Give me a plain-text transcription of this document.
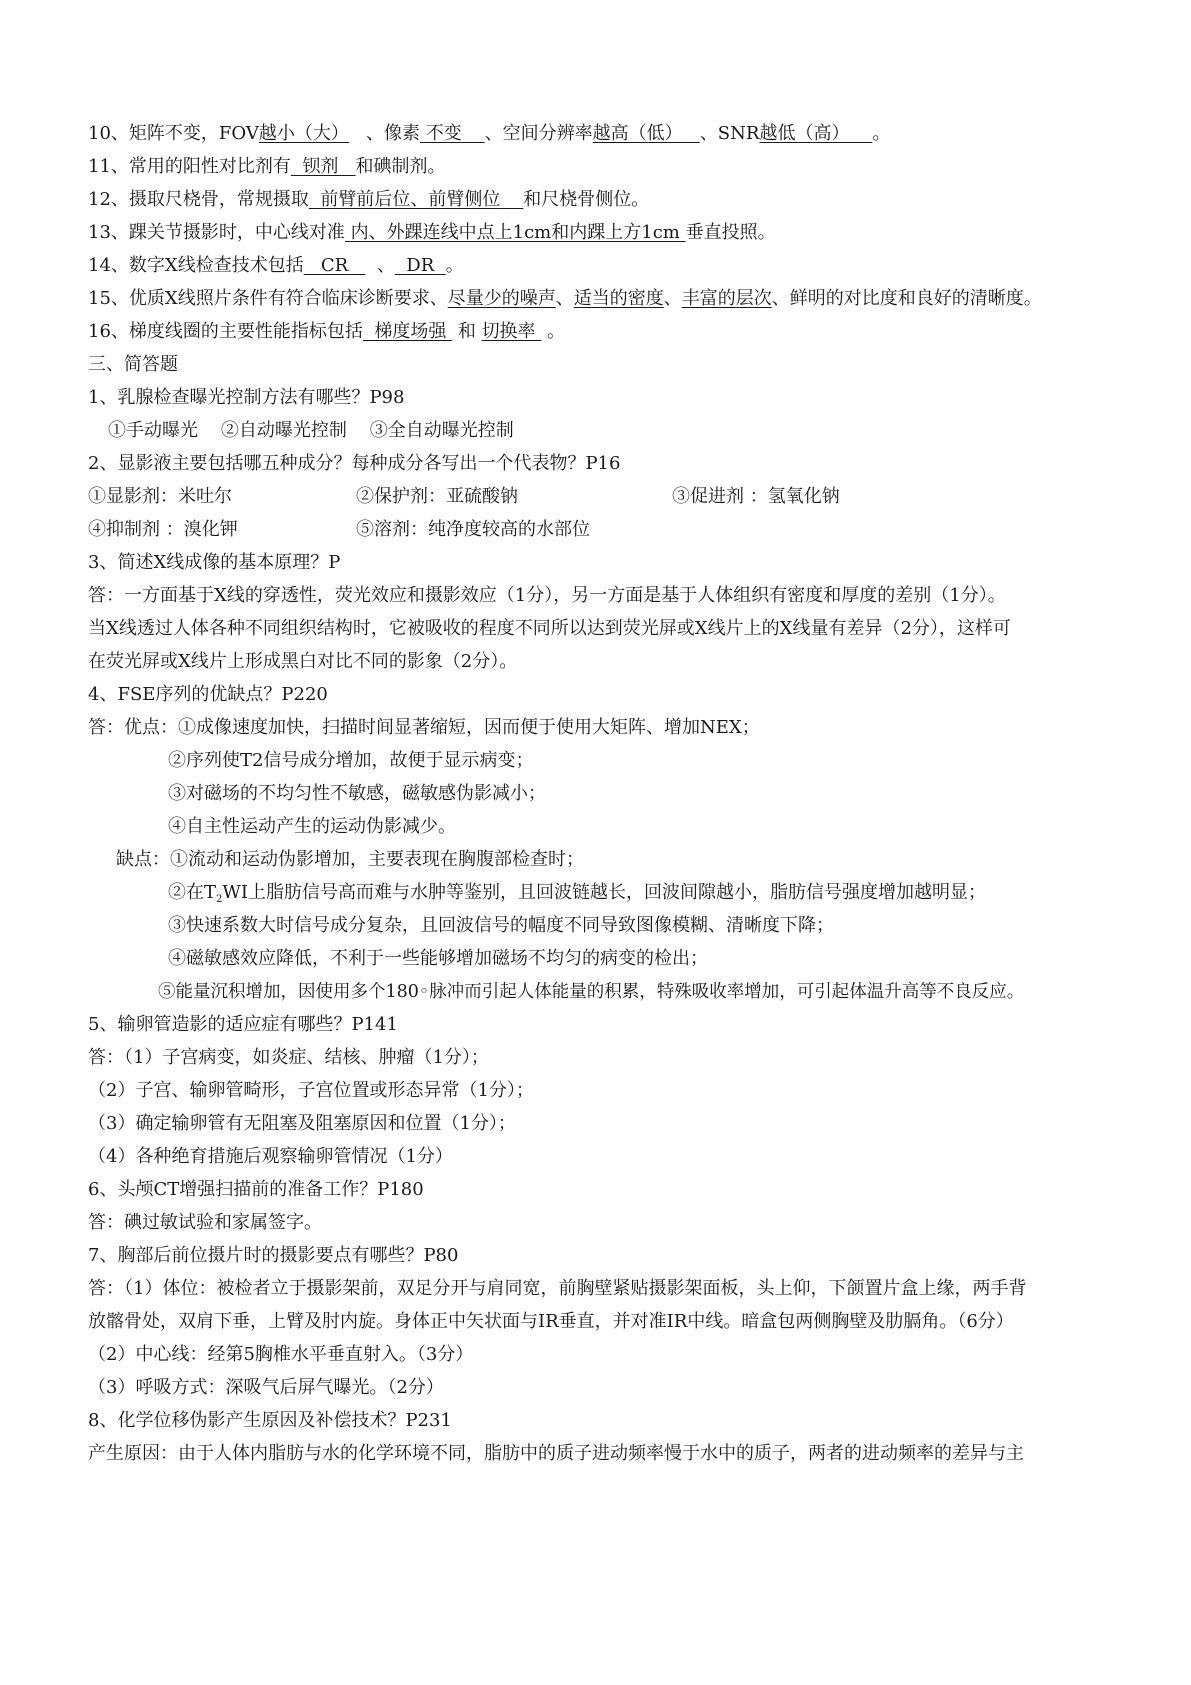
10、矩阵不变，FOV越小（大） 、像素 不变 、空间分辨率越高（低） 、SNR越低（高） 。
11、常用的阳性对比剂有 钡剂 和碘制剂。
12、摄取尺桡骨，常规摄取 前臂前后位、前臂侧位 和尺桡骨侧位。
13、踝关节摄影时，中心线对准 内、外踝连线中点上1cm和内踝上方1cm 垂直投照。
14、数字X线检查技术包括 CR 、 DR 。
15、优质X线照片条件有符合临床诊断要求、尽量少的噪声、适当的密度、丰富的层次、鲜明的对比度和良好的清晰度。
16、梯度线圈的主要性能指标包括 梯度场强 和 切换率 。
三、简答题
1、乳腺检查曝光控制方法有哪些？P98
①手动曝光    ②自动曝光控制    ③全自动曝光控制
2、显影液主要包括哪五种成分？每种成分各写出一个代表物？P16
①显影剂：米吐尔	②保护剂：亚硫酸钠	③促进剂 ：氢氧化钠
④抑制剂 ：溴化钾	⑤溶剂：纯净度较高的水部位
3、简述X线成像的基本原理？P
答：一方面基于X线的穿透性，荧光效应和摄影效应（1分），另一方面是基于人体组织有密度和厚度的差别（1分）。
当X线透过人体各种不同组织结构时，它被吸收的程度不同所以达到荧光屏或X线片上的X线量有差异（2分），这样可
在荧光屏或X线片上形成黑白对比不同的影象（2分）。
4、FSE序列的优缺点？P220
答：优点：①成像速度加快，扫描时间显著缩短，因而便于使用大矩阵、增加NEX；
②序列使T2信号成分增加，故便于显示病变；
③对磁场的不均匀性不敏感，磁敏感伪影减小；
④自主性运动产生的运动伪影减少。
缺点：①流动和运动伪影增加，主要表现在胸腹部检查时；
②在$T_2WI$上脂肪信号高而难与水肿等鉴别，且回波链越长，回波间隙越小，脂肪信号强度增加越明显；
③快速系数大时信号成分复杂，且回波信号的幅度不同导致图像模糊、清晰度下降；
④磁敏感效应降低，不利于一些能够增加磁场不均匀的病变的检出；
⑤能量沉积增加，因使用多个180◦脉冲而引起人体能量的积累，特殊吸收率增加，可引起体温升高等不良反应。
5、输卵管造影的适应症有哪些？P141
答：（1）子宫病变，如炎症、结核、肿瘤（1分）；
（2）子宫、输卵管畸形，子宫位置或形态异常（1分）；
（3）确定输卵管有无阻塞及阻塞原因和位置（1分）；
（4）各种绝育措施后观察输卵管情况（1分）
6、头颅CT增强扫描前的准备工作？P180
答：碘过敏试验和家属签字。
7、胸部后前位摄片时的摄影要点有哪些？P80
答：（1）体位：被检者立于摄影架前，双足分开与肩同宽，前胸壁紧贴摄影架面板，头上仰，下颌置片盒上缘，两手背
放髂骨处，双肩下垂，上臂及肘内旋。身体正中矢状面与IR垂直，并对准IR中线。暗盒包两侧胸壁及肋膈角。（6分）
（2）中心线：经第5胸椎水平垂直射入。（3分）
（3）呼吸方式：深吸气后屏气曝光。（2分）
8、化学位移伪影产生原因及补偿技术？P231
产生原因：由于人体内脂肪与水的化学环境不同，脂肪中的质子进动频率慢于水中的质子，两者的进动频率的差异与主
